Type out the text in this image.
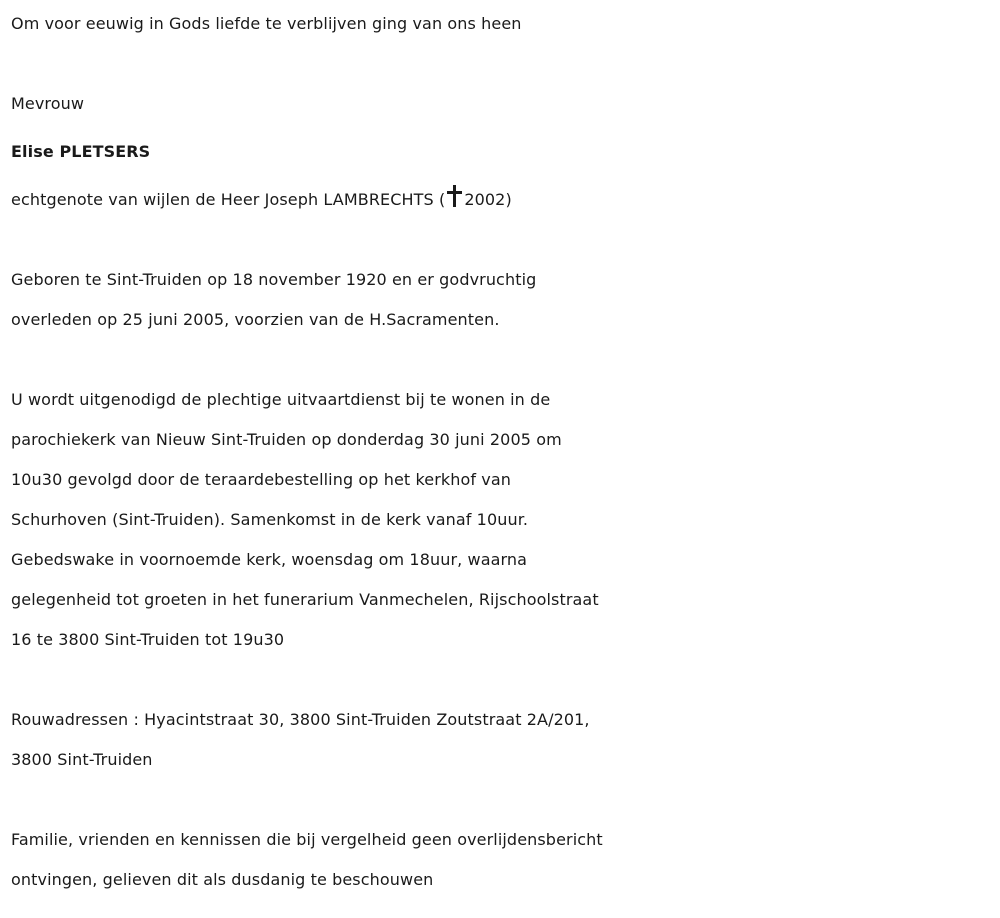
Om voor eeuwig in Gods liefde te verblijven ging van ons heen
Mevrouw
Elise PLETSERS
echtgenote van wijlen de Heer Joseph LAMBRECHTS ( 2002)
Geboren te Sint-Truiden op 18 november 1920 en er godvruchtig
overleden op 25 juni 2005, voorzien van de H.Sacramenten.
U wordt uitgenodigd de plechtige uitvaartdienst bij te wonen in de
parochiekerk van Nieuw Sint-Truiden op donderdag 30 juni 2005 om
10u30 gevolgd door de teraardebestelling op het kerkhof van
Schurhoven (Sint-Truiden). Samenkomst in de kerk vanaf 10uur.
Gebedswake in voornoemde kerk, woensdag om 18uur, waarna
gelegenheid tot groeten in het funerarium Vanmechelen, Rijschoolstraat
16 te 3800 Sint-Truiden tot 19u30
Rouwadressen : Hyacintstraat 30, 3800 Sint-Truiden Zoutstraat 2A/201,
3800 Sint-Truiden
Familie, vrienden en kennissen die bij vergelheid geen overlijdensbericht
ontvingen, gelieven dit als dusdanig te beschouwen
